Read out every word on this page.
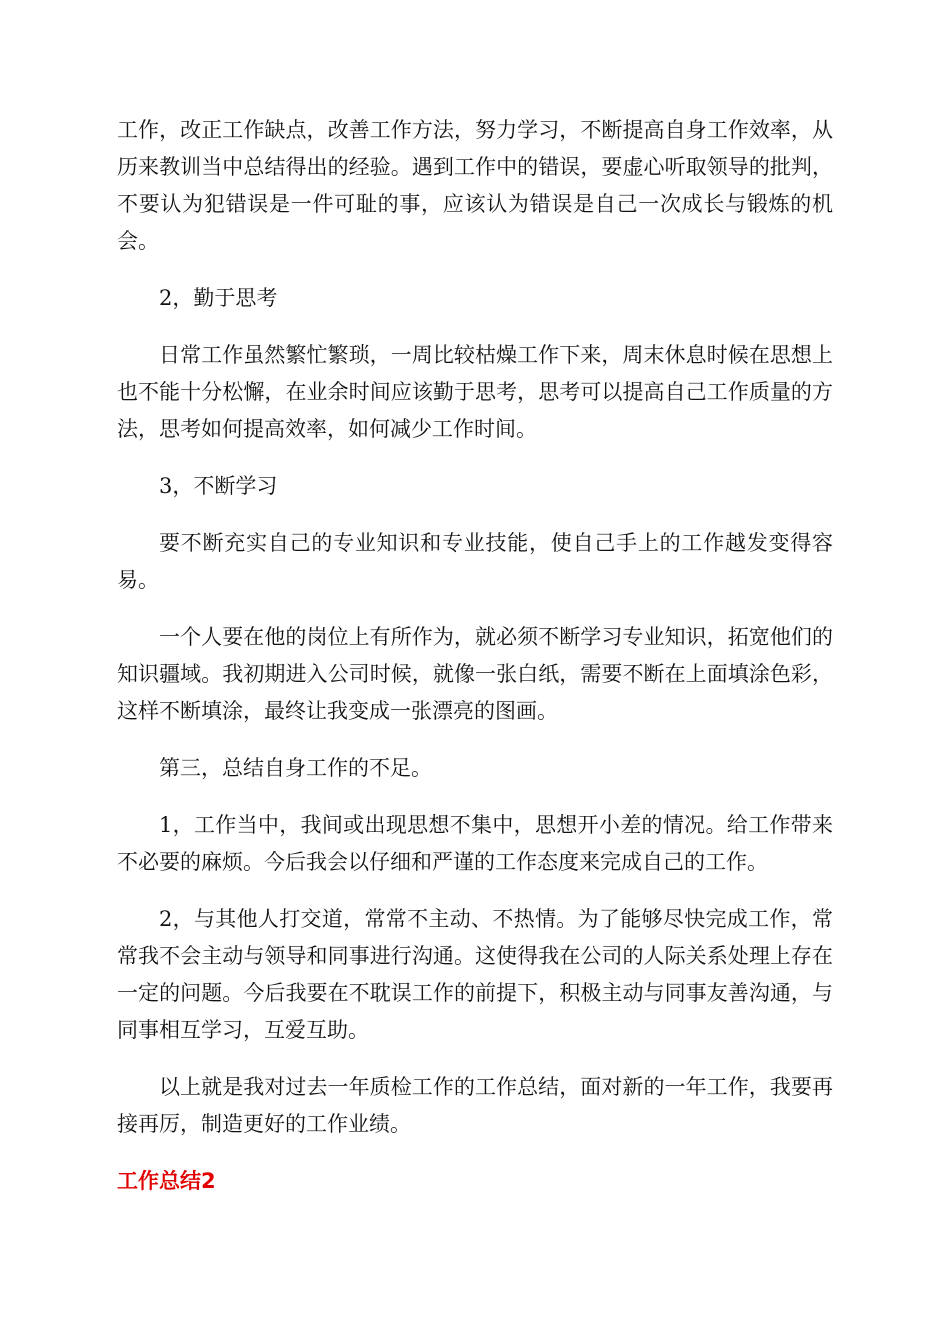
工作，改正工作缺点，改善工作方法，努力学习，不断提高自身工作效率，从历来教训当中总结得出的经验。遇到工作中的错误，要虚心听取领导的批判，不要认为犯错误是一件可耻的事，应该认为错误是自己一次成长与锻炼的机会。

2，勤于思考

日常工作虽然繁忙繁琐，一周比较枯燥工作下来，周末休息时候在思想上也不能十分松懈，在业余时间应该勤于思考，思考可以提高自己工作质量的方法，思考如何提高效率，如何减少工作时间。

3，不断学习

要不断充实自己的专业知识和专业技能，使自己手上的工作越发变得容易。

一个人要在他的岗位上有所作为，就必须不断学习专业知识，拓宽他们的知识疆域。我初期进入公司时候，就像一张白纸，需要不断在上面填涂色彩，这样不断填涂，最终让我变成一张漂亮的图画。

第三，总结自身工作的不足。

1，工作当中，我间或出现思想不集中，思想开小差的情况。给工作带来不必要的麻烦。今后我会以仔细和严谨的工作态度来完成自己的工作。

2，与其他人打交道，常常不主动、不热情。为了能够尽快完成工作，常常我不会主动与领导和同事进行沟通。这使得我在公司的人际关系处理上存在一定的问题。今后我要在不耽误工作的前提下，积极主动与同事友善沟通，与同事相互学习，互爱互助。

以上就是我对过去一年质检工作的工作总结，面对新的一年工作，我要再接再厉，制造更好的工作业绩。

工作总结2
